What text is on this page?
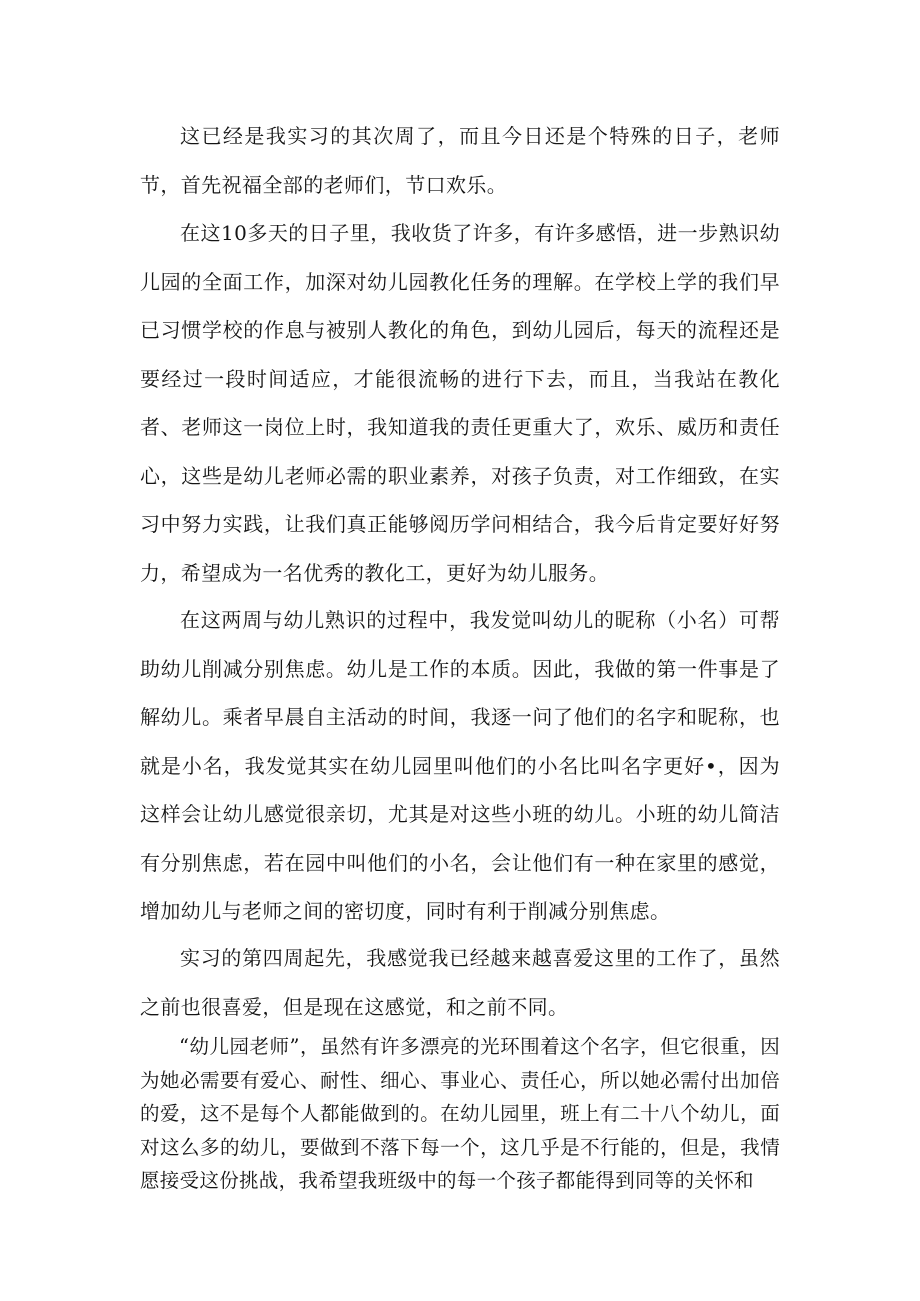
这已经是我实习的其次周了，而且今日还是个特殊的日子，老师节，首先祝福全部的老师们，节口欢乐。

在这10多天的日子里，我收货了许多，有许多感悟，进一步熟识幼儿园的全面工作，加深对幼儿园教化任务的理解。在学校上学的我们早已习惯学校的作息与被别人教化的角色，到幼儿园后，每天的流程还是要经过一段时间适应，才能很流畅的进行下去，而且，当我站在教化者、老师这一岗位上时，我知道我的责任更重大了，欢乐、威历和责任心，这些是幼儿老师必需的职业素养，对孩子负责，对工作细致，在实习中努力实践，让我们真正能够阅历学问相结合，我今后肯定要好好努力，希望成为一名优秀的教化工，更好为幼儿服务。

在这两周与幼儿熟识的过程中，我发觉叫幼儿的昵称（小名）可帮助幼儿削减分别焦虑。幼儿是工作的本质。因此，我做的第一件事是了解幼儿。乘者早晨自主活动的时间，我逐一问了他们的名字和昵称，也就是小名，我发觉其实在幼儿园里叫他们的小名比叫名字更好•，因为这样会让幼儿感觉很亲切，尤其是对这些小班的幼儿。小班的幼儿简洁有分别焦虑，若在园中叫他们的小名，会让他们有一种在家里的感觉，增加幼儿与老师之间的密切度，同时有利于削减分别焦虑。

实习的第四周起先，我感觉我已经越来越喜爱这里的工作了，虽然之前也很喜爱，但是现在这感觉，和之前不同。

“幼儿园老师”，虽然有许多漂亮的光环围着这个名字，但它很重，因为她必需要有爱心、耐性、细心、事业心、责任心，所以她必需付出加倍的爱，这不是每个人都能做到的。在幼儿园里，班上有二十八个幼儿，面对这么多的幼儿，要做到不落下每一个，这几乎是不行能的，但是，我情愿接受这份挑战，我希望我班级中的每一个孩子都能得到同等的关怀和
